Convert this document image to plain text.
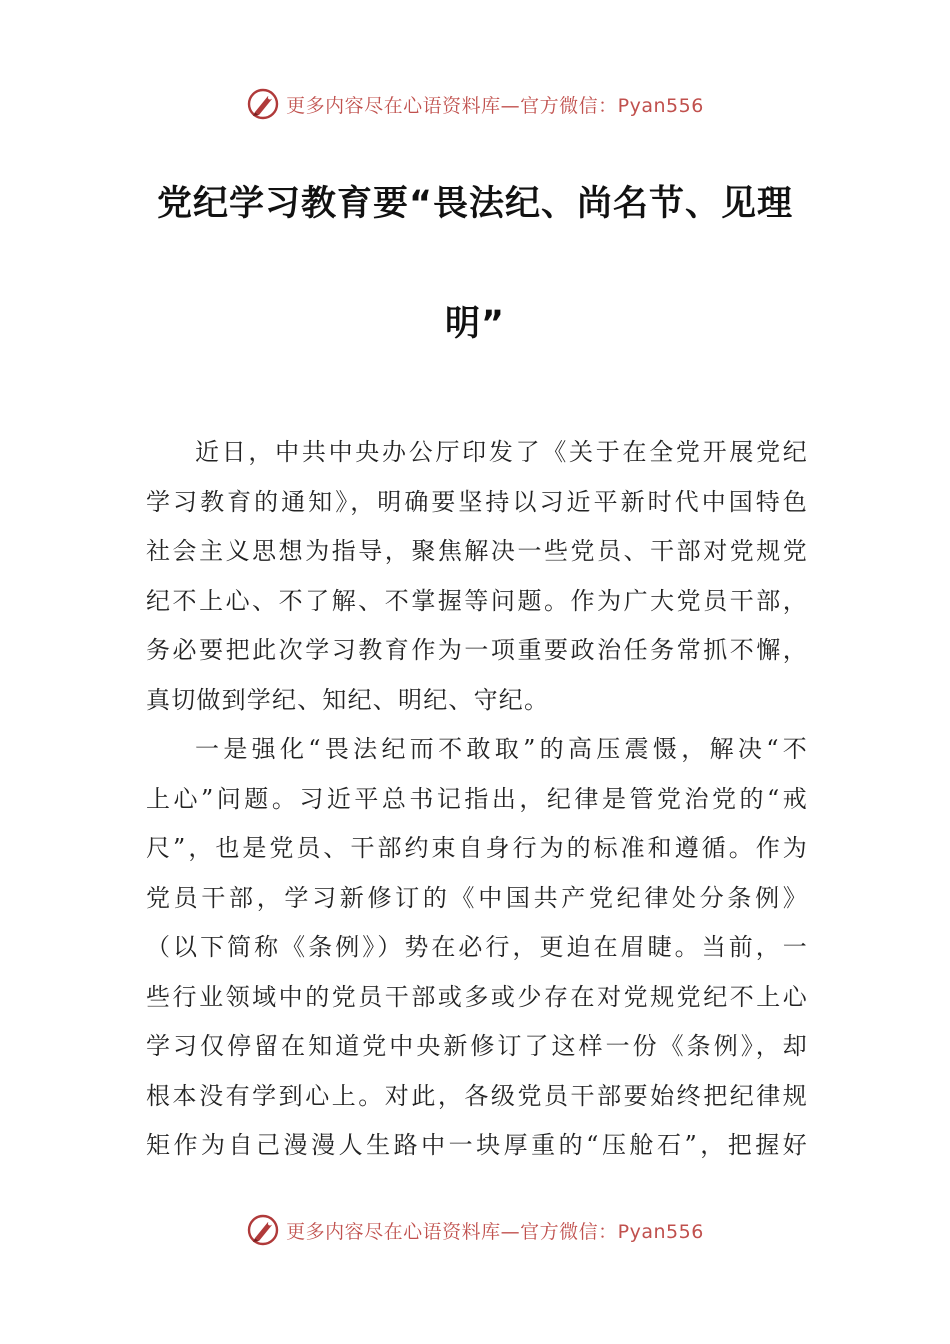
更多内容尽在心语资料库—官方微信：Pyan556
党纪学习教育要“畏法纪、尚名节、见理
明”
近日，中共中央办公厅印发了《关于在全党开展党纪
学习教育的通知》，明确要坚持以习近平新时代中国特色
社会主义思想为指导，聚焦解决一些党员、干部对党规党
纪不上心、不了解、不掌握等问题。作为广大党员干部，
务必要把此次学习教育作为一项重要政治任务常抓不懈，
真切做到学纪、知纪、明纪、守纪。
一是强化“畏法纪而不敢取”的高压震慑，解决“不
上心”问题。习近平总书记指出，纪律是管党治党的“戒
尺”，也是党员、干部约束自身行为的标准和遵循。作为
党员干部，学习新修订的《中国共产党纪律处分条例》
（以下简称《条例》）势在必行，更迫在眉睫。当前，一
些行业领域中的党员干部或多或少存在对党规党纪不上心
学习仅停留在知道党中央新修订了这样一份《条例》，却
根本没有学到心上。对此，各级党员干部要始终把纪律规
矩作为自己漫漫人生路中一块厚重的“压舱石”，把握好
更多内容尽在心语资料库—官方微信：Pyan556
